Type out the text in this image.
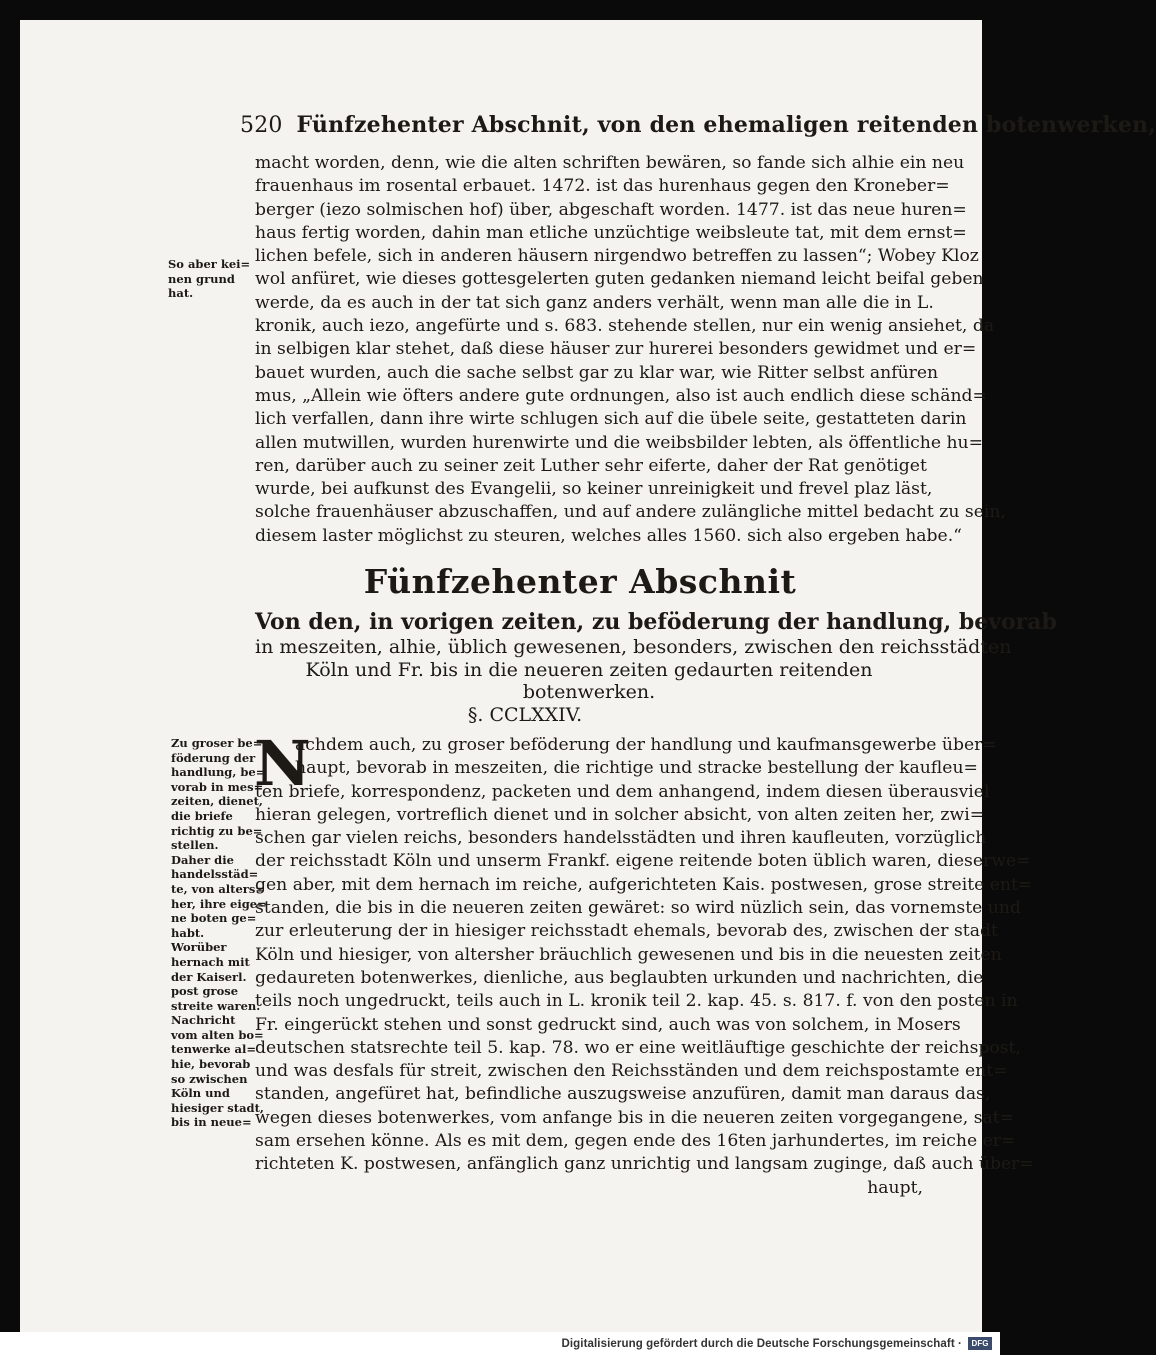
520 Fünfzehenter Abschnit, von den ehemaligen reitenden botenwerken,
macht worden, denn, wie die alten schriften bewären, so fande sich alhie ein neu
frauenhaus im rosental erbauet. 1472. ist das hurenhaus gegen den Kroneber=
berger (iezo solmischen hof) über, abgeschaft worden. 1477. ist das neue huren=
haus fertig worden, dahin man etliche unzüchtige weibsleute tat, mit dem ernst=
lichen befele, sich in anderen häusern nirgendwo betreffen zu lassen“; Wobey Kloz
wol anfüret, wie dieses gottesgelerten guten gedanken niemand leicht beifal geben
werde, da es auch in der tat sich ganz anders verhält, wenn man alle die in L.
kronik, auch iezo, angefürte und s. 683. stehende stellen, nur ein wenig ansiehet, da
in selbigen klar stehet, daß diese häuser zur hurerei besonders gewidmet und er=
bauet wurden, auch die sache selbst gar zu klar war, wie Ritter selbst anfüren
mus, „Allein wie öfters andere gute ordnungen, also ist auch endlich diese schänd=
lich verfallen, dann ihre wirte schlugen sich auf die übele seite, gestatteten darin
allen mutwillen, wurden hurenwirte und die weibsbilder lebten, als öffentliche hu=
ren, darüber auch zu seiner zeit Luther sehr eiferte, daher der Rat genötiget
wurde, bei aufkunst des Evangelii, so keiner unreinigkeit und frevel plaz läst,
solche frauenhäuser abzuschaffen, und auf andere zulängliche mittel bedacht zu sein,
diesem laster möglichst zu steuren, welches alles 1560. sich also ergeben habe.“
So aber kei=
nen grund
hat.
Fünfzehenter Abschnit
Von den, in vorigen zeiten, zu beföderung der handlung, bevorab
in meszeiten, alhie, üblich gewesenen, besonders, zwischen den reichsstädten
Köln und Fr. bis in die neueren zeiten gedaurten reitenden
botenwerken.
§. CCLXXIV.
N
achdem auch, zu groser beföderung der handlung und kaufmansgewerbe über=
haupt, bevorab in meszeiten, die richtige und stracke bestellung der kaufleu=
ten briefe, korrespondenz, packeten und dem anhangend, indem diesen überausviel
hieran gelegen, vortreflich dienet und in solcher absicht, von alten zeiten her, zwi=
schen gar vielen reichs, besonders handelsstädten und ihren kaufleuten, vorzüglich
der reichsstadt Köln und unserm Frankf. eigene reitende boten üblich waren, dieserwe=
gen aber, mit dem hernach im reiche, aufgerichteten Kais. postwesen, grose streite ent=
standen, die bis in die neueren zeiten gewäret: so wird nüzlich sein, das vornemste und
zur erleuterung der in hiesiger reichsstadt ehemals, bevorab des, zwischen der stadt
Köln und hiesiger, von altersher bräuchlich gewesenen und bis in die neuesten zeiten
gedaureten botenwerkes, dienliche, aus beglaubten urkunden und nachrichten, die
teils noch ungedruckt, teils auch in L. kronik teil 2. kap. 45. s. 817. f. von den posten in
Fr. eingerückt stehen und sonst gedruckt sind, auch was von solchem, in Mosers
deutschen statsrechte teil 5. kap. 78. wo er eine weitläuftige geschichte der reichspost,
und was desfals für streit, zwischen den Reichsständen und dem reichspostamte ent=
standen, angefüret hat, befindliche auszugsweise anzufüren, damit man daraus das,
wegen dieses botenwerkes, vom anfange bis in die neueren zeiten vorgegangene, sat=
sam ersehen könne. Als es mit dem, gegen ende des 16ten jarhundertes, im reiche er=
richteten K. postwesen, anfänglich ganz unrichtig und langsam zuginge, daß auch über=
haupt,
Zu groser be=
föderung der
handlung, be=
vorab in mes=
zeiten, dienet,
die briefe
richtig zu be=
stellen.
Daher die
handelsstäd=
te, von alters=
her, ihre eige=
ne boten ge=
habt.
Worüber
hernach mit
der Kaiserl.
post grose
streite waren.
Nachricht
vom alten bo=
tenwerke al=
hie, bevorab
so zwischen
Köln und
hiesiger stadt,
bis in neue=
Digitalisierung gefördert durch die Deutsche Forschungsgemeinschaft ·	DFG
